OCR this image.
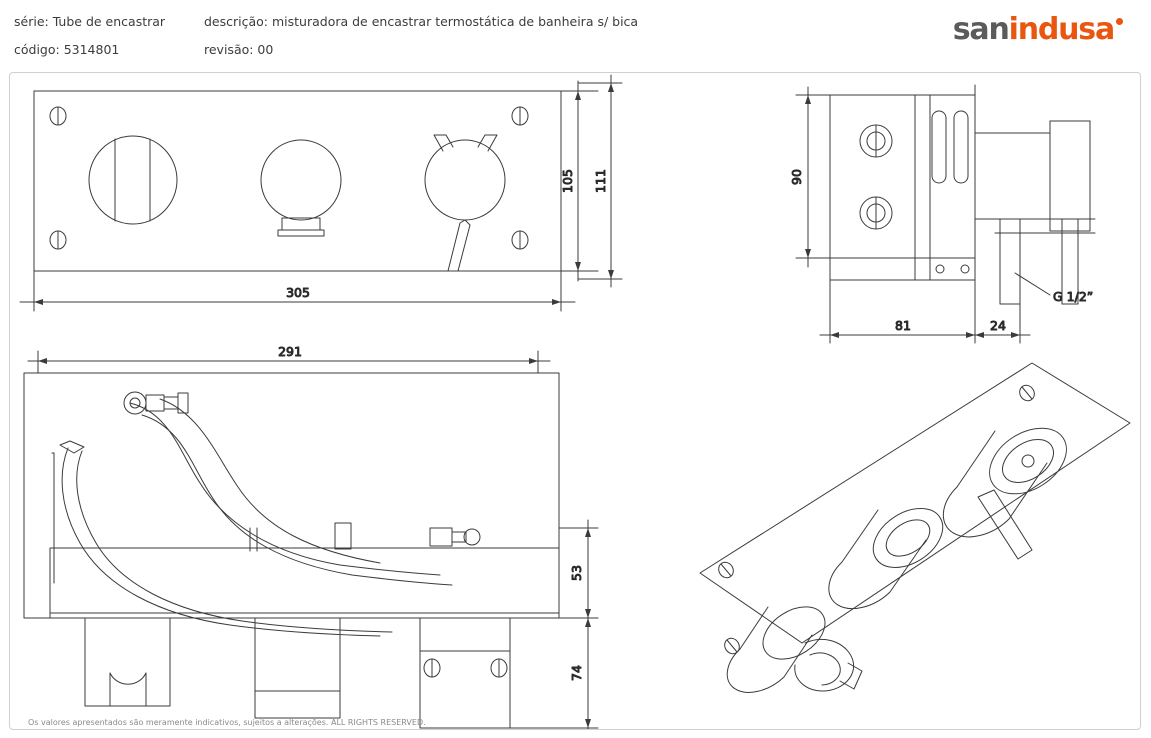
série: Tube de encastrar	descrição: misturadora de encastrar termostática de banheira s/ bica
código: 5314801	revisão: 00
sanindusa
305
105 111	90
81	24
G 1/2”
53
74
291
Os valores apresentados são meramente indicativos, sujeitos a alterações. ALL RIGHTS RESERVED.
